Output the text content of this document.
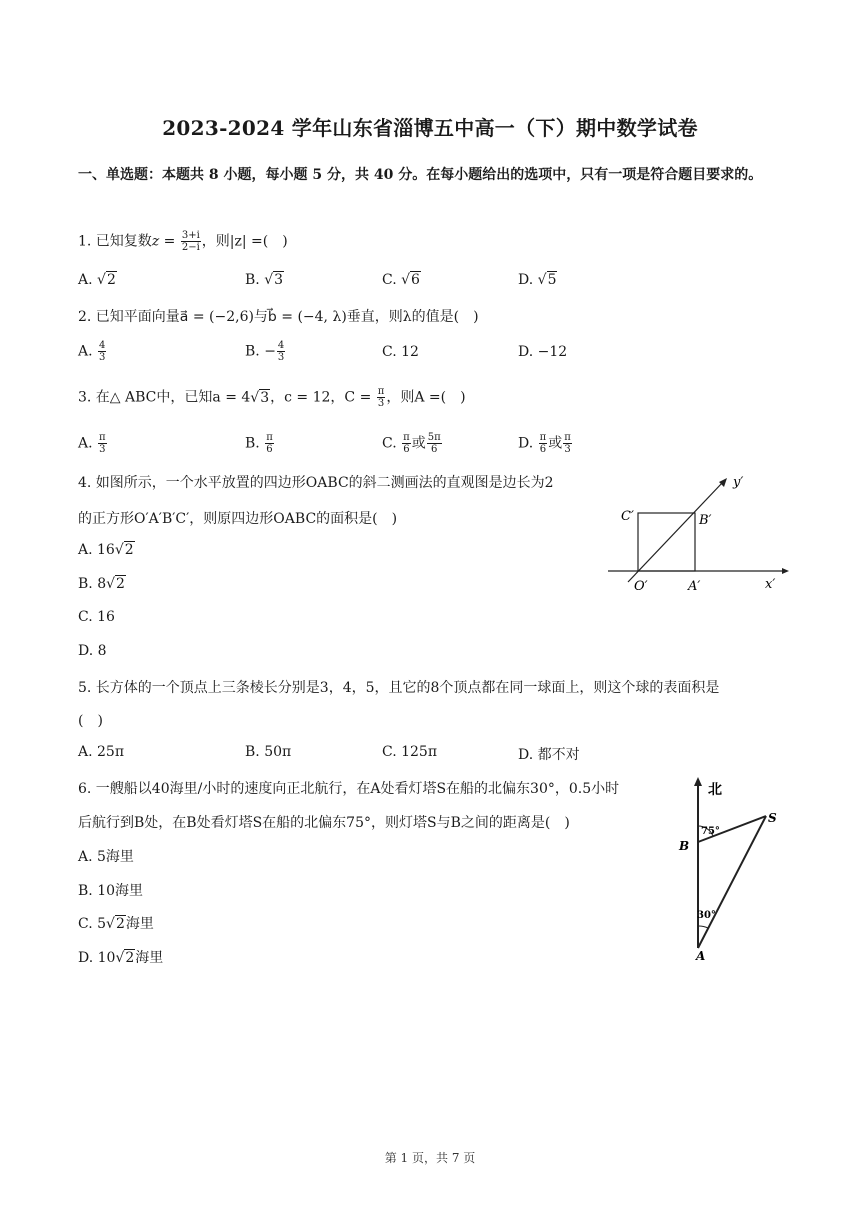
2023-2024 学年山东省淄博五中高一（下）期中数学试卷
一、单选题：本题共 8 小题，每小题 5 分，共 40 分。在每小题给出的选项中，只有一项是符合题目要求的。
1. 已知复数$z = \frac{3+i}{2-i}$ ，则|z| =(　)
A. √2	B. √3	C. √6	D. √5
2. 已知平面向量a⃗ = (−2,6)与b⃗ = (−4, λ)垂直，则λ的值是(　)
A. $\frac{4}{3}$	B. − $\frac{4}{3}$	C. 12	D. −12
3. 在△ ABC中，已知a = 4√3，c = 12，$C = \frac{\pi}{3}$ ，则A =(　)
A. $\frac{\pi}{3}$	B. $\frac{\pi}{6}$	C. $\frac{\pi}{6}$ 或 $\frac{5\pi}{6}$	D. $\frac{\pi}{6}$ 或 $\frac{\pi}{3}$
4. 如图所示，一个水平放置的四边形OABC的斜二测画法的直观图是边长为2
的正方形O′A′B′C′，则原四边形OABC的面积是(　)
A. 16√2
B. 8√2
C. 16
D. 8
y′
x′
O′	A′
B′
C′
5. 长方体的一个顶点上三条棱长分别是3，4，5，且它的8个顶点都在同一球面上，则这个球的表面积是
(　)
A. 25π	B. 50π	C. 125π	D. 都不对
6. 一艘船以40海里/小时的速度向正北航行，在A处看灯塔S在船的北偏东30°，0.5小时
后航行到B处，在B处看灯塔S在船的北偏东75°，则灯塔S与B之间的距离是(　)
A. 5海里
B. 10海里
C. 5√2海里
D. 10√2海里
北
B
S
A
75°
30°
第 1 页，共 7 页
